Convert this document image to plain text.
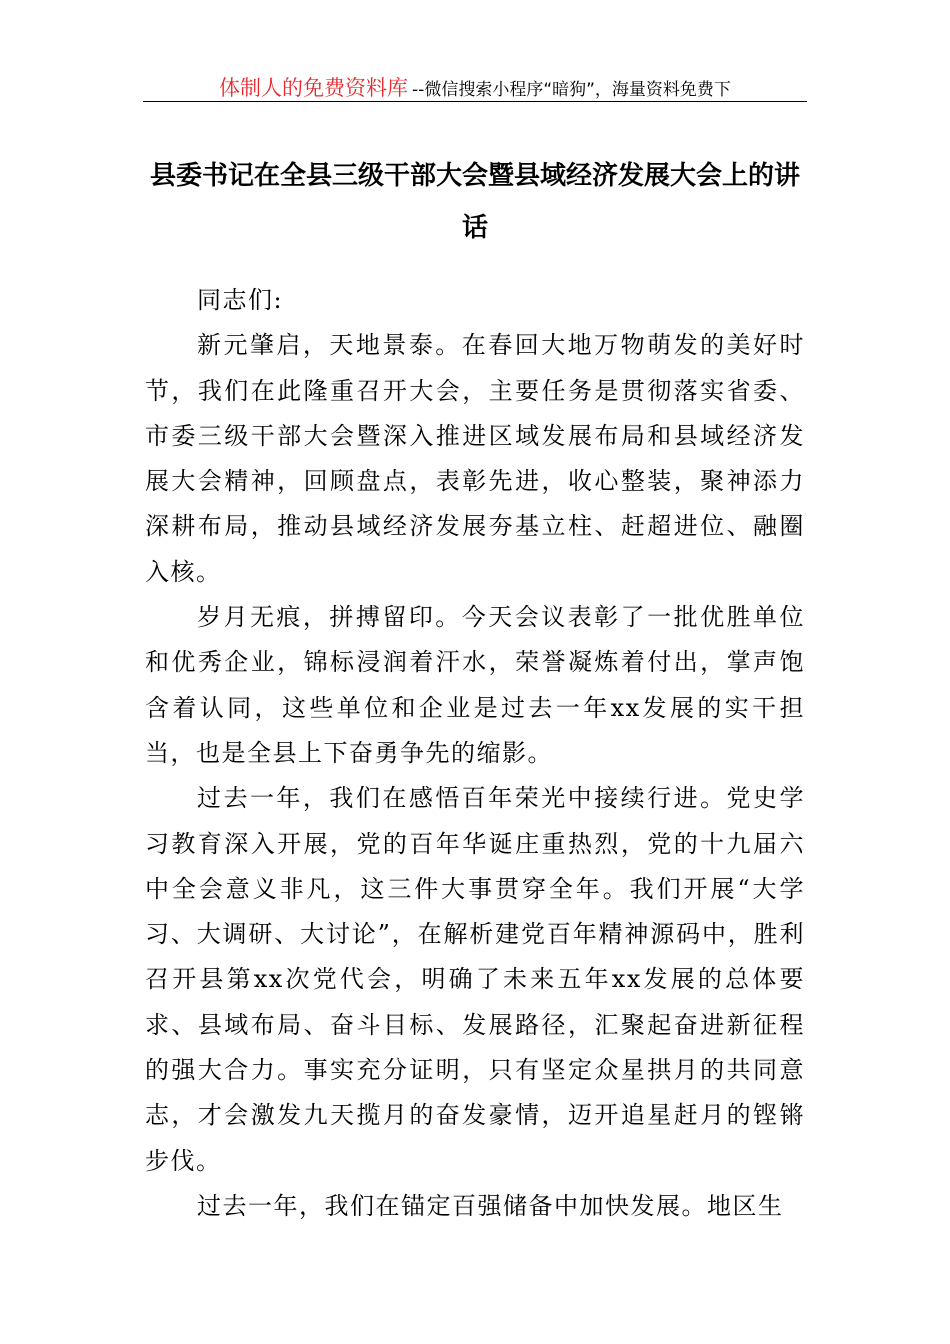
体制人的免费资料库 --微信搜索小程序“暗狗”，海量资料免费下
县委书记在全县三级干部大会暨县域经济发展大会上的讲话

同志们:

新元肇启，天地景泰。在春回大地万物萌发的美好时节，我们在此隆重召开大会，主要任务是贯彻落实省委、市委三级干部大会暨深入推进区域发展布局和县域经济发展大会精神，回顾盘点，表彰先进，收心整装，聚神添力深耕布局，推动县域经济发展夯基立柱、赶超进位、融圈入核。

岁月无痕，拼搏留印。今天会议表彰了一批优胜单位和优秀企业，锦标浸润着汗水，荣誉凝炼着付出，掌声饱含着认同，这些单位和企业是过去一年xx发展的实干担当，也是全县上下奋勇争先的缩影。

过去一年，我们在感悟百年荣光中接续行进。党史学习教育深入开展，党的百年华诞庄重热烈，党的十九届六中全会意义非凡，这三件大事贯穿全年。我们开展“大学习、大调研、大讨论”，在解析建党百年精神源码中，胜利召开县第xx次党代会，明确了未来五年xx发展的总体要求、县域布局、奋斗目标、发展路径，汇聚起奋进新征程的强大合力。事实充分证明，只有坚定众星拱月的共同意志，才会激发九天揽月的奋发豪情，迈开追星赶月的铿锵步伐。

过去一年，我们在锚定百强储备中加快发展。地区生
